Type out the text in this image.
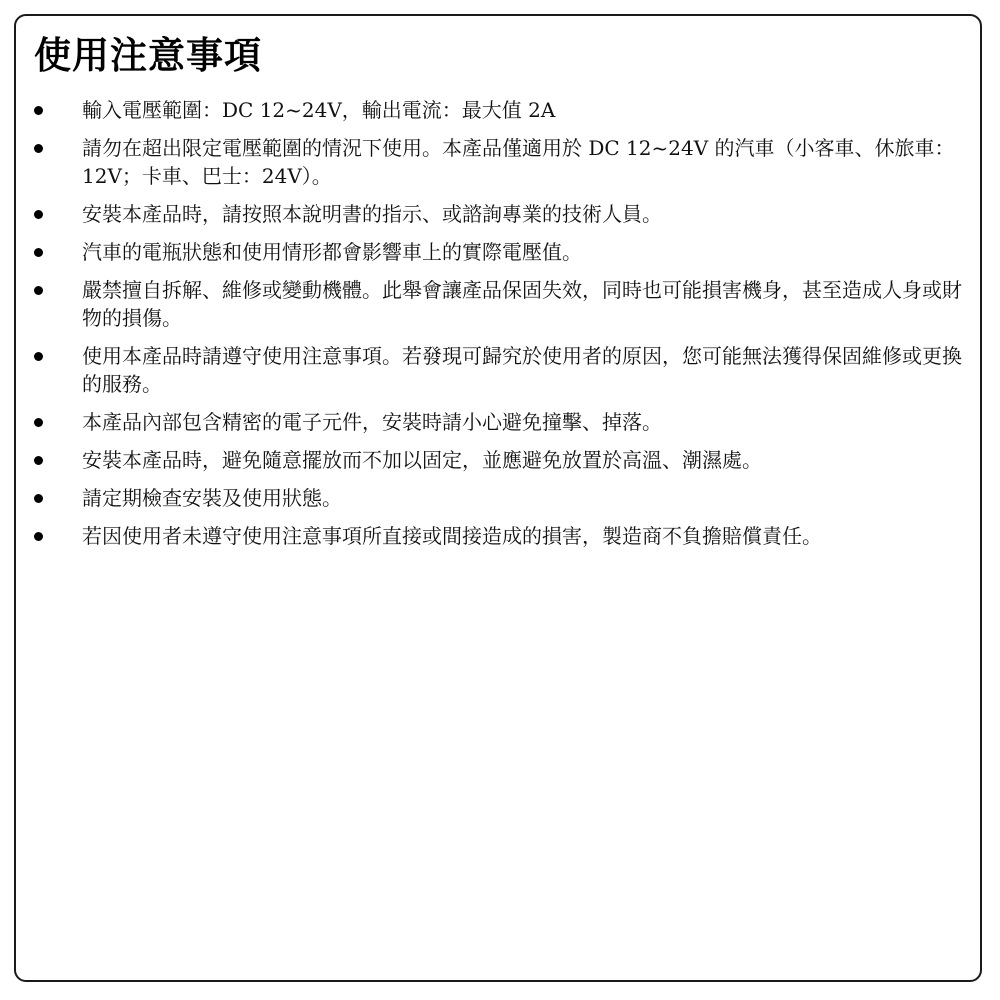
使用注意事項
輸入電壓範圍：DC 12~24V，輸出電流：最大值 2A
請勿在超出限定電壓範圍的情況下使用。本產品僅適用於 DC 12~24V 的汽車（小客車、休旅車：12V；卡車、巴士：24V）。
安裝本產品時，請按照本說明書的指示、或諮詢專業的技術人員。
汽車的電瓶狀態和使用情形都會影響車上的實際電壓值。
嚴禁擅自拆解、維修或變動機體。此舉會讓產品保固失效，同時也可能損害機身，甚至造成人身或財物的損傷。
使用本產品時請遵守使用注意事項。若發現可歸究於使用者的原因，您可能無法獲得保固維修或更換的服務。
本產品內部包含精密的電子元件，安裝時請小心避免撞擊、掉落。
安裝本產品時，避免隨意擺放而不加以固定，並應避免放置於高溫、潮濕處。
請定期檢查安裝及使用狀態。
若因使用者未遵守使用注意事項所直接或間接造成的損害，製造商不負擔賠償責任。
